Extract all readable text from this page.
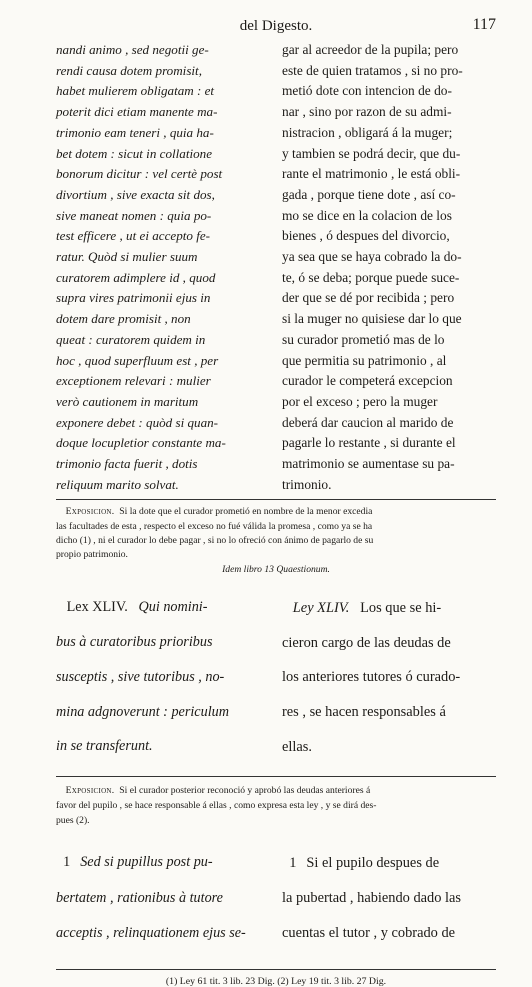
del Digesto.	117

nandi animo , sed negotii ge-

rendi causa dotem promisit,

habet mulierem obligatam : et

poterit dici etiam manente ma-

trimonio eam teneri , quia ha-

bet dotem : sicut in collatione

bonorum dicitur : vel certè post

divortium , sive exacta sit dos,

sive maneat nomen : quia po-

test efficere , ut ei accepto fe-

ratur. Quòd si mulier suum

curatorem adimplere id , quod

supra vires patrimonii ejus in

dotem dare promisit , non

queat : curatorem quidem in

hoc , quod superfluum est , per

exceptionem relevari : mulier

verò cautionem in maritum

exponere debet : quòd si quan-

doque locupletior constante ma-

trimonio facta fuerit , dotis

reliquum marito solvat.

gar al acreedor de la pupila; pero

este de quien tratamos , si no pro-

metió dote con intencion de do-

nar , sino por razon de su admi-

nistracion , obligará á la muger;

y tambien se podrá decir, que du-

rante el matrimonio , le está obli-

gada , porque tiene dote , así co-

mo se dice en la colacion de los

bienes , ó despues del divorcio,

ya sea que se haya cobrado la do-

te, ó se deba; porque puede suce-

der que se dé por recibida ; pero

si la muger no quisiese dar lo que

su curador prometió mas de lo

que permitia su patrimonio , al

curador le competerá excepcion

por el exceso ; pero la muger

deberá dar caucion al marido de

pagarle lo restante , si durante el

matrimonio se aumentase su pa-

trimonio.

Exposicion. Si la dote que el curador prometió en nombre de la menor excedia

las facultades de esta , respecto el exceso no fué válida la promesa , como ya se ha

dicho (1) , ni el curador lo debe pagar , si no lo ofreció con ánimo de pagarlo de su

propio patrimonio.

Idem libro 13 Quaestionum.

Lex XLIV. Qui nomini-

bus à curatoribus prioribus

susceptis , sive tutoribus , no-

mina adgnoverunt : periculum

in se transferunt.

Ley XLIV. Los que se hi-

cieron cargo de las deudas de

los anteriores tutores ó curado-

res , se hacen responsables á

ellas.

Exposicion. Si el curador posterior reconoció y aprobó las deudas anteriores á

favor del pupilo , se hace responsable á ellas , como expresa esta ley , y se dirá des-

pues (2).

1 Sed si pupillus post pu-

bertatem , rationibus à tutore

acceptis , relinquationem ejus se-

1 Si el pupilo despues de

la pubertad , habiendo dado las

cuentas el tutor , y cobrado de

(1) Ley 61 tit. 3 lib. 23 Dig. (2) Ley 19 tit. 3 lib. 27 Dig.
